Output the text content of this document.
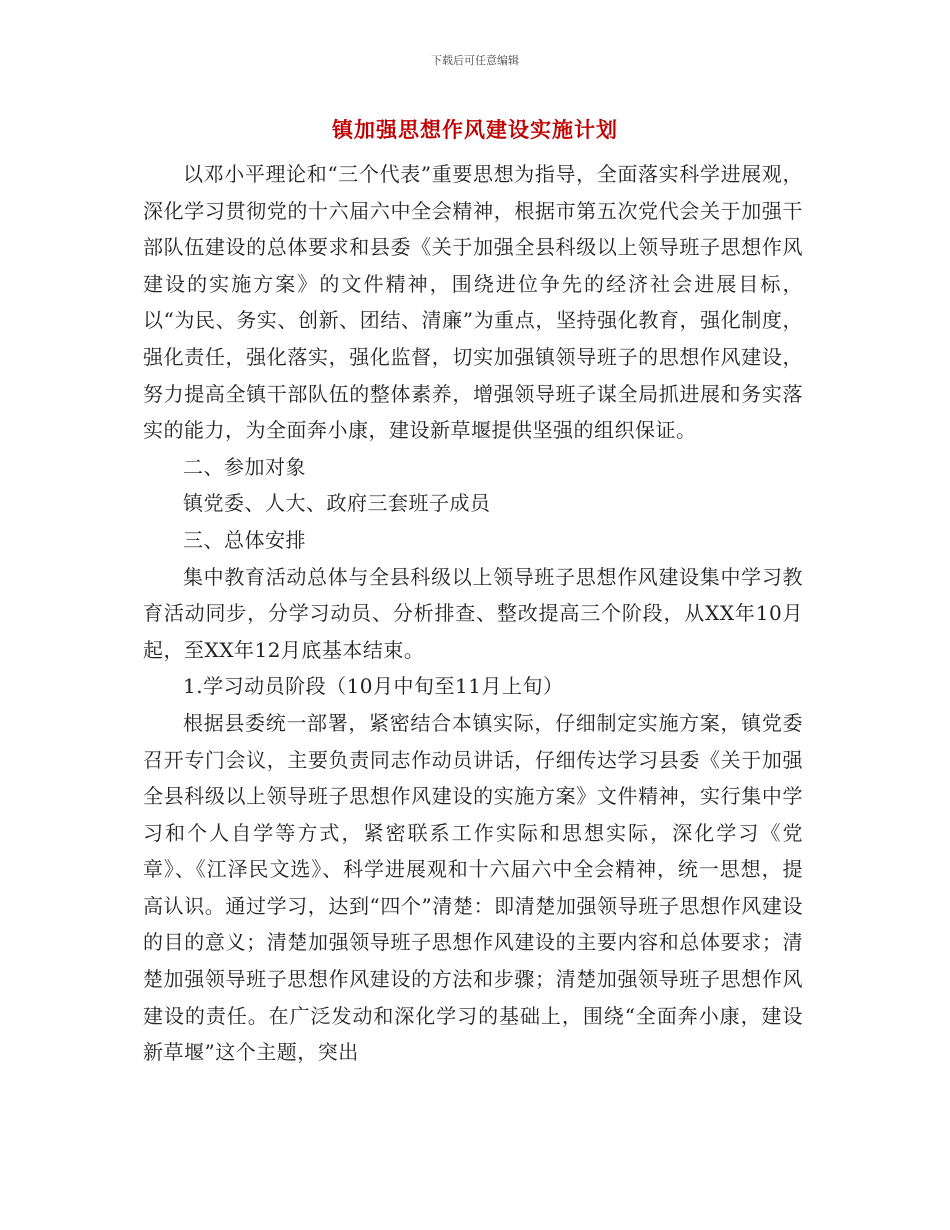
下载后可任意编辑
镇加强思想作风建设实施计划

以邓小平理论和“三个代表”重要思想为指导，全面落实科学进展观，深化学习贯彻党的十六届六中全会精神，根据市第五次党代会关于加强干部队伍建设的总体要求和县委《关于加强全县科级以上领导班子思想作风建设的实施方案》的文件精神，围绕进位争先的经济社会进展目标，以“为民、务实、创新、团结、清廉”为重点，坚持强化教育，强化制度，强化责任，强化落实，强化监督，切实加强镇领导班子的思想作风建设，努力提高全镇干部队伍的整体素养，增强领导班子谋全局抓进展和务实落实的能力，为全面奔小康，建设新草堰提供坚强的组织保证。

二、参加对象

镇党委、人大、政府三套班子成员

三、总体安排

集中教育活动总体与全县科级以上领导班子思想作风建设集中学习教育活动同步，分学习动员、分析排查、整改提高三个阶段，从XX年10月起，至XX年12月底基本结束。

1.学习动员阶段（10月中旬至11月上旬）

根据县委统一部署，紧密结合本镇实际，仔细制定实施方案，镇党委召开专门会议，主要负责同志作动员讲话，仔细传达学习县委《关于加强全县科级以上领导班子思想作风建设的实施方案》文件精神，实行集中学习和个人自学等方式，紧密联系工作实际和思想实际，深化学习《党章》、《江泽民文选》、科学进展观和十六届六中全会精神，统一思想，提高认识。通过学习，达到“四个”清楚：即清楚加强领导班子思想作风建设的目的意义；清楚加强领导班子思想作风建设的主要内容和总体要求；清楚加强领导班子思想作风建设的方法和步骤；清楚加强领导班子思想作风建设的责任。在广泛发动和深化学习的基础上，围绕“全面奔小康，建设新草堰”这个主题，突出
